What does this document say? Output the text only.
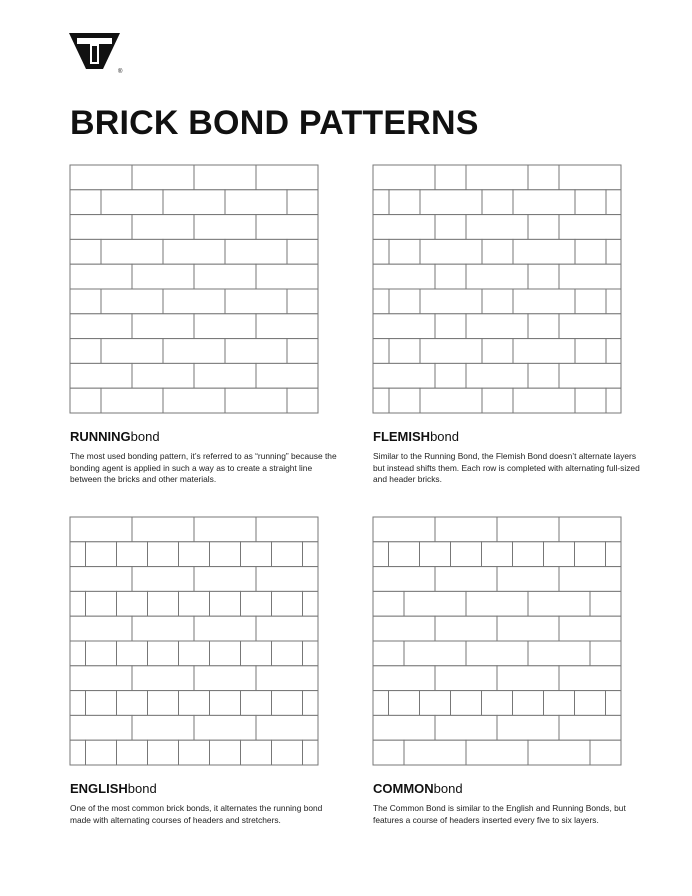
®
BRICK BOND PATTERNS
RUNNINGbond
The most used bonding pattern, it’s referred to as “running” because the bonding agent is applied in such a way as to create a straight line between the bricks and other materials.
FLEMISHbond
Similar to the Running Bond, the Flemish Bond doesn’t alternate layers but instead shifts them. Each row is completed with alternating full-sized and header bricks.
ENGLISHbond
One of the most common brick bonds, it alternates the running bond made with alternating courses of headers and stretchers.
COMMONbond
The Common Bond is similar to the English and Running Bonds, but features a course of headers inserted every five to six layers.
